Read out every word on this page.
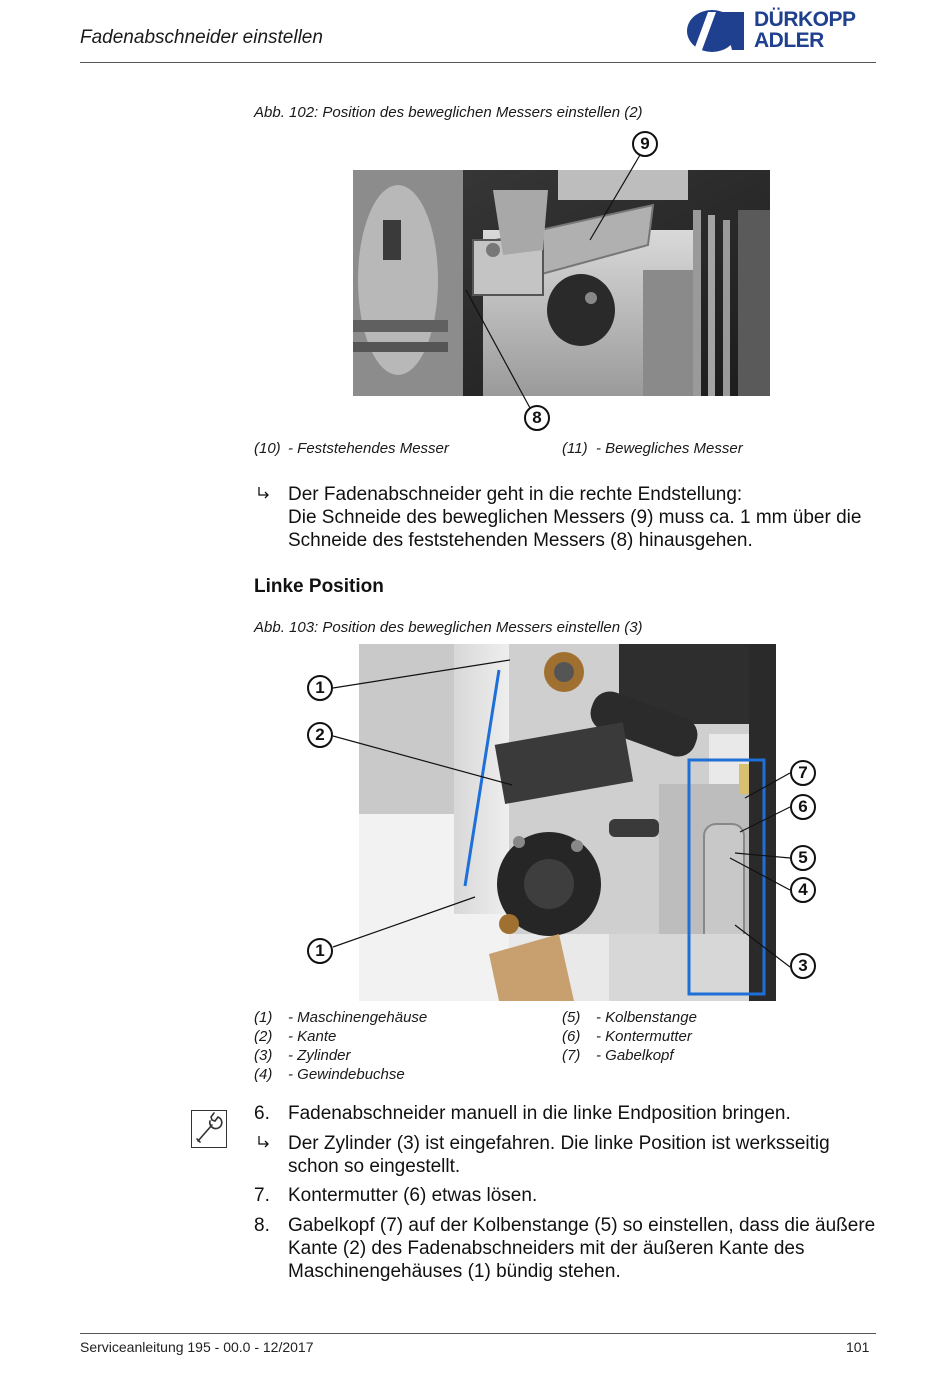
Fadenabschneider einstellen
DÜRKOPP
ADLER
Abb. 102: Position des beweglichen Messers einstellen (2)
9
8
(10) - Feststehendes Messer	(11) - Bewegliches Messer
Der Fadenabschneider geht in die rechte Endstellung:
Die Schneide des beweglichen Messers (9) muss ca. 1 mm über die
Schneide des feststehenden Messers (8) hinausgehen.
Linke Position
Abb. 103: Position des beweglichen Messers einstellen (3)
1
2
1
7
6
5
4
3
(1) - Maschinengehäuse
(2) - Kante
(3) - Zylinder
(4) - Gewindebuchse
(5) - Kolbenstange
(6) - Kontermutter
(7) - Gabelkopf
6. Fadenabschneider manuell in die linke Endposition bringen.
Der Zylinder (3) ist eingefahren. Die linke Position ist werksseitig
schon so eingestellt.
7. Kontermutter (6) etwas lösen.
8. Gabelkopf (7) auf der Kolbenstange (5) so einstellen, dass die äußere
Kante (2) des Fadenabschneiders mit der äußeren Kante des
Maschinengehäuses (1) bündig stehen.
Serviceanleitung 195 - 00.0 - 12/2017	101
